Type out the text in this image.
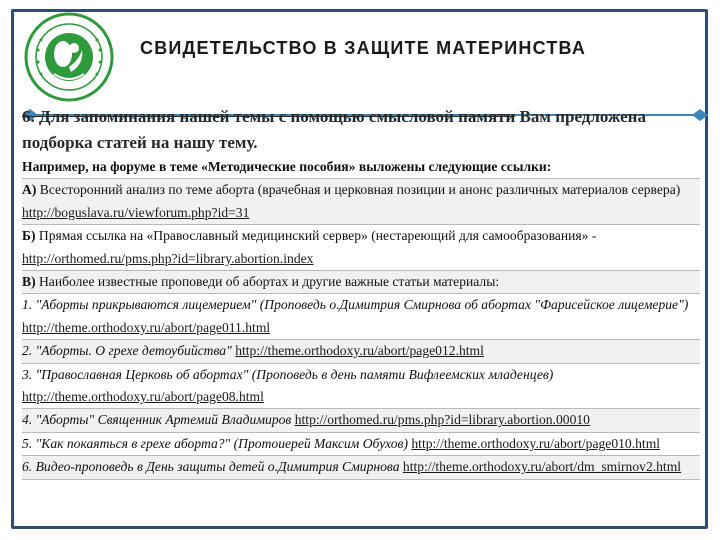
СВИДЕТЕЛЬСТВО В ЗАЩИТЕ МАТЕРИНСТВА
6. Для запоминания нашей темы с помощью смысловой памяти Вам предложена подборка статей на нашу тему.

Например, на форуме в теме «Методические пособия» выложены следующие ссылки:

А) Всесторонний анализ по теме аборта (врачебная и церковная позиции и анонс различных материалов сервера) http://boguslava.ru/viewforum.php?id=31

Б) Прямая ссылка на «Православный медицинский сервер» (нестареющий для самообразования» - http://orthomed.ru/pms.php?id=library.abortion.index

В) Наиболее известные проповеди об абортах и другие важные статьи материалы:

1. "Аборты прикрываются лицемерием" (Проповедь о.Димитрия Смирнова об абортах "Фарисейское лицемерие") http://theme.orthodoxy.ru/abort/page011.html

2. "Аборты. О грехе детоубийства" http://theme.orthodoxy.ru/abort/page012.html

3. "Православная Церковь об абортах" (Проповедь в день памяти Вифлеемских младенцев) http://theme.orthodoxy.ru/abort/page08.html

4. "Аборты" Священник Артемий Владимиров http://orthomed.ru/pms.php?id=library.abortion.00010

5. "Как покаяться в грехе аборта?" (Протоиерей Максим Обухов) http://theme.orthodoxy.ru/abort/page010.html

6. Видео-проповедь в День защиты детей о.Димитрия Смирнова http://theme.orthodoxy.ru/abort/dm_smirnov2.html
